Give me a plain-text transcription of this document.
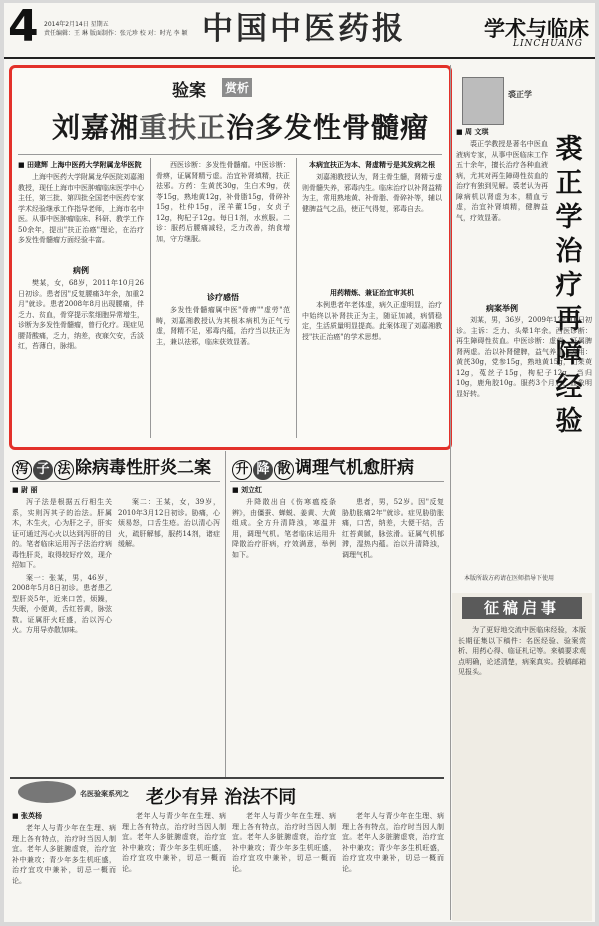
4 2014年2月14日 星期五
责任编辑：王 琳 版面制作：张元珍 校 对：时光 李 颖 中国中医药报	学术与临床
LINCHUANG
验案 赏析
刘嘉湘重扶正治多发性骨髓瘤
■ 田建辉 上海中医药大学附属龙华医院

上海中医药大学附属龙华医院刘嘉湘教授，现任上海市中医肿瘤临床医学中心主任，第三批、第四批全国老中医药专家学术经验继承工作指导老师，上海市名中医。从事中医肿瘤临床、科研、教学工作50余年，提出"扶正治癌"理论，在治疗多发性骨髓瘤方面经验丰富。

病例

樊某，女，68岁，2011年10月26日初诊。患者因"反复腰痛3年余，加重2月"就诊。患者2008年8月出现腰痛，伴乏力、贫血，骨穿提示浆细胞异常增生，诊断为多发性骨髓瘤，曾行化疗。现症见腰背酸痛，乏力，纳差，夜寐欠安，舌淡红，苔薄白，脉细。

西医诊断：多发性骨髓瘤。中医诊断：骨痹，证属肾精亏虚。治宜补肾填精，扶正祛邪。方药：生黄芪30g，生白术9g，茯苓15g，熟地黄12g，补骨脂15g，骨碎补15g，杜仲15g，淫羊藿15g，女贞子12g，枸杞子12g。每日1剂，水煎服。二诊：服药后腰痛减轻，乏力改善，纳食增加，守方继服。

诊疗感悟

多发性骨髓瘤属中医"骨痹""虚劳"范畴，刘嘉湘教授认为其根本病机为正气亏虚，肾精不足，邪毒内蕴，治疗当以扶正为主，兼以祛邪，临床获效显著。

本病宜扶正为本、肾虚精亏是其发病之根

刘嘉湘教授认为，肾主骨生髓，肾精亏虚则骨髓失养，邪毒内生。临床治疗以补肾益精为主，常用熟地黄、补骨脂、骨碎补等，辅以健脾益气之品，使正气得复，邪毒自去。

用药精炼、兼证治宜审其机

本例患者年老体虚，病久正虚明显，治疗中始终以补肾扶正为主，随证加减，病情稳定，生活质量明显提高。此案体现了刘嘉湘教授"扶正治癌"的学术思想。

裘正学
裘正学治疗再障经验
■ 周 文琪

裘正学教授是著名中医血液病专家，从事中医临床工作五十余年，擅长治疗各种血液病，尤其对再生障碍性贫血的治疗有独到见解。裘老认为再障病机以肾虚为本，精血亏虚，治宜补肾填精，健脾益气，疗效显著。

病案举例

刘某，男，36岁，2009年12月10日初诊。主诉：乏力、头晕1年余。西医诊断：再生障碍性贫血。中医诊断：虚劳，证属脾肾两虚。治以补肾健脾，益气养血。方用：黄芪30g，党参15g，熟地黄15g，山茱萸12g，菟丝子15g，枸杞子12g，当归10g，鹿角胶10g。服药3个月后，血象明显好转。

泻 子 法 除病毒性肝炎二案
■ 尉 丽

泻子法是根据五行相生关系，实则泻其子的治法。肝属木，木生火，心为肝之子，肝实证可通过泻心火以达到泻肝的目的。笔者临床运用泻子法治疗病毒性肝炎，取得较好疗效，现介绍如下。

案一：张某，男，46岁，2008年5月8日初诊。患者患乙型肝炎5年，近来口苦，烦躁，失眠，小便黄，舌红苔黄，脉弦数。证属肝火旺盛，治以泻心火。方用导赤散加味。

案二：王某，女，39岁，2010年3月12日初诊。胁痛，心烦易怒，口舌生疮。治以清心泻火，疏肝解郁，服药14剂，诸症缓解。

升 降 散 调理气机愈肝病
■ 刘立红

升降散出自《伤寒瘟疫条辨》，由僵蚕、蝉蜕、姜黄、大黄组成。全方升清降浊，寒温并用，调理气机。笔者临床运用升降散治疗肝病，疗效满意，举例如下。

患者，男，52岁。因"反复胁肋胀痛2年"就诊。症见胁肋胀痛，口苦，纳差，大便干结，舌红苔黄腻，脉弦滑。证属气机郁滞，湿热内蕴。治以升清降浊，调理气机。

征稿启事

为了更好地交流中医临床经验，本版长期征集以下稿件：名医经验、验案赏析、用药心得、临证札记等。来稿要求观点明确，论述清楚，病案真实。投稿邮箱见报头。

本版所载方药请在医师指导下使用
名医验案系列之 老少有异 治法不同
■ 张英杨

老年人与青少年在生理、病理上各有特点，治疗时当因人制宜。老年人多脏腑虚衰，治疗宜补中兼攻；青少年多生机旺盛，治疗宜攻中兼补，切忌一概而论。

老年人与青少年在生理、病理上各有特点，治疗时当因人制宜。老年人多脏腑虚衰，治疗宜补中兼攻；青少年多生机旺盛，治疗宜攻中兼补，切忌一概而论。

老年人与青少年在生理、病理上各有特点，治疗时当因人制宜。老年人多脏腑虚衰，治疗宜补中兼攻；青少年多生机旺盛，治疗宜攻中兼补，切忌一概而论。

老年人与青少年在生理、病理上各有特点，治疗时当因人制宜。老年人多脏腑虚衰，治疗宜补中兼攻；青少年多生机旺盛，治疗宜攻中兼补，切忌一概而论。
